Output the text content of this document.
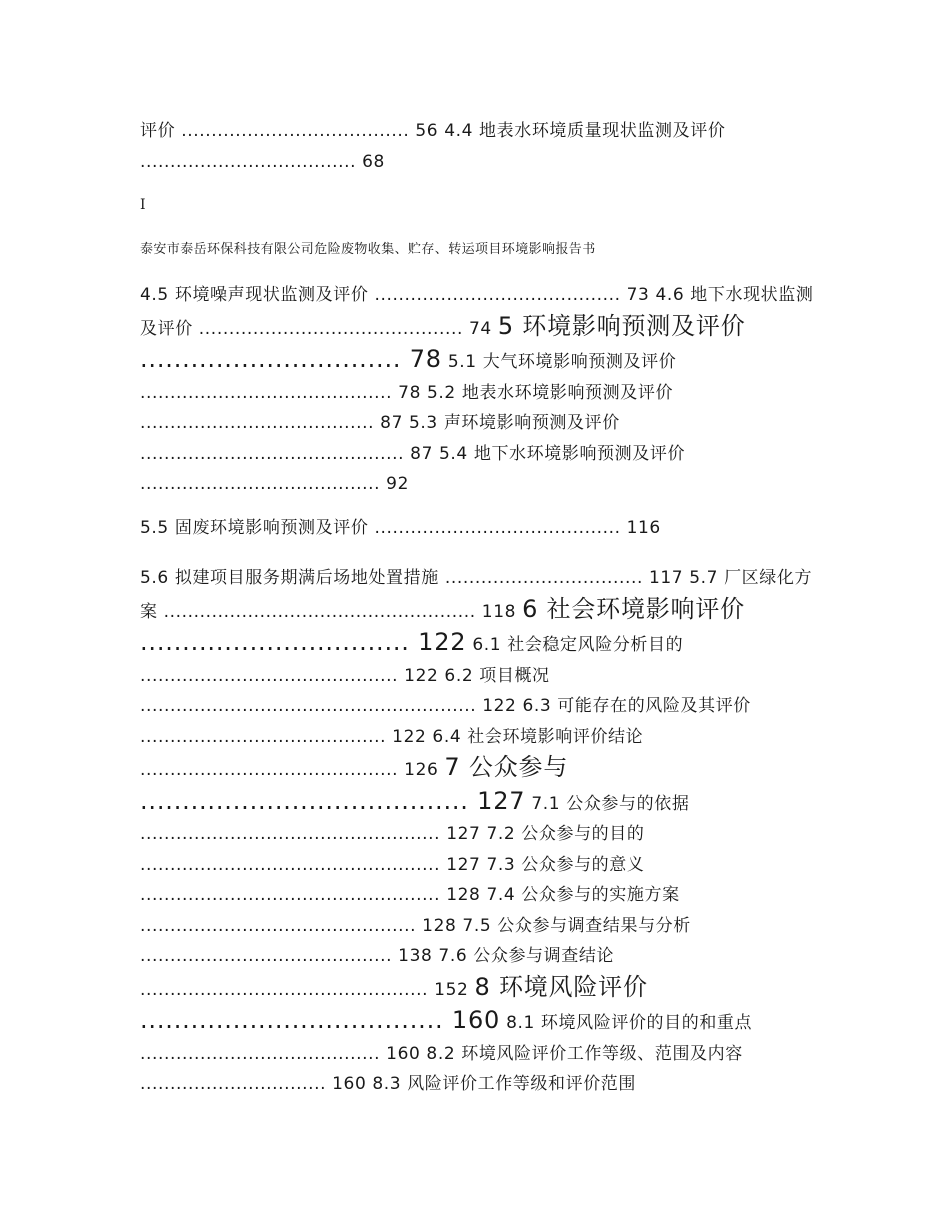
评价 ...................................... 56 4.4 地表水环境质量现状监测及评价 .................................... 68
I
泰安市泰岳环保科技有限公司危险废物收集、贮存、转运项目环境影响报告书
4.5 环境噪声现状监测及评价 ......................................... 73 4.6 地下水现状监测及评价 ............................................ 74 5 环境影响预测及评价 ............................... 78 5.1 大气环境影响预测及评价 .......................................... 78 5.2 地表水环境影响预测及评价 ....................................... 87 5.3 声环境影响预测及评价 ............................................ 87 5.4 地下水环境影响预测及评价 ........................................ 92
5.5 固废环境影响预测及评价 ......................................... 116
5.6 拟建项目服务期满后场地处置措施 ................................. 117 5.7 厂区绿化方案 .................................................... 118 6 社会环境影响评价 ................................ 122 6.1 社会稳定风险分析目的 ........................................... 122 6.2 项目概况 ........................................................ 122 6.3 可能存在的风险及其评价 ......................................... 122 6.4 社会环境影响评价结论 ........................................... 126 7 公众参与 ....................................... 127 7.1 公众参与的依据 .................................................. 127 7.2 公众参与的目的 .................................................. 127 7.3 公众参与的意义 .................................................. 128 7.4 公众参与的实施方案 .............................................. 128 7.5 公众参与调查结果与分析 .......................................... 138 7.6 公众参与调查结论 ................................................ 152 8 环境风险评价 .................................... 160 8.1 环境风险评价的目的和重点 ........................................ 160 8.2 环境风险评价工作等级、范围及内容 ............................... 160 8.3 风险评价工作等级和评价范围
